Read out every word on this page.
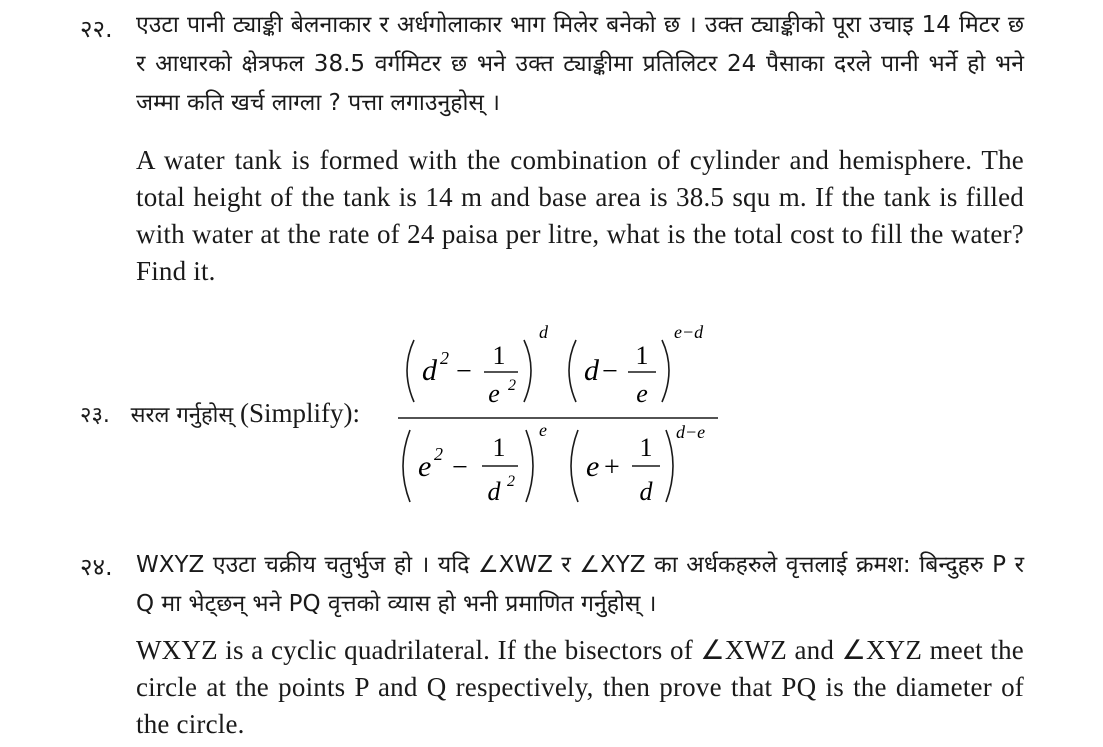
२२. एउटा पानी ट्याङ्की बेलनाकार र अर्धगोलाकार भाग मिलेर बनेको छ । उक्त ट्याङ्कीको पूरा उचाइ 14 मिटर छ र आधारको क्षेत्रफल 38.5 वर्गमिटर छ भने उक्त ट्याङ्कीमा प्रतिलिटर 24 पैसाका दरले पानी भर्ने हो भने जम्मा कति खर्च लाग्ला ? पत्ता लगाउनुहोस् ।
A water tank is formed with the combination of cylinder and hemisphere. The total height of the tank is 14 m and base area is 38.5 squ m. If the tank is filled with water at the rate of 24 paisa per litre, what is the total cost to fill the water? Find it.
२३. सरल गर्नुहोस् (Simplify):
d 2 −
1
e 2
d
d −
1
e
e−d
e 2 −
1
d 2
e
e +
1
d
d−e
२४. WXYZ एउटा चक्रीय चतुर्भुज हो । यदि ∠XWZ र ∠XYZ का अर्धकहरुले वृत्तलाई क्रमश: बिन्दुहरु P र Q मा भेट्छन् भने PQ वृत्तको व्यास हो भनी प्रमाणित गर्नुहोस् ।
WXYZ is a cyclic quadrilateral. If the bisectors of ∠XWZ and ∠XYZ meet the circle at the points P and Q respectively, then prove that PQ is the diameter of the circle.
